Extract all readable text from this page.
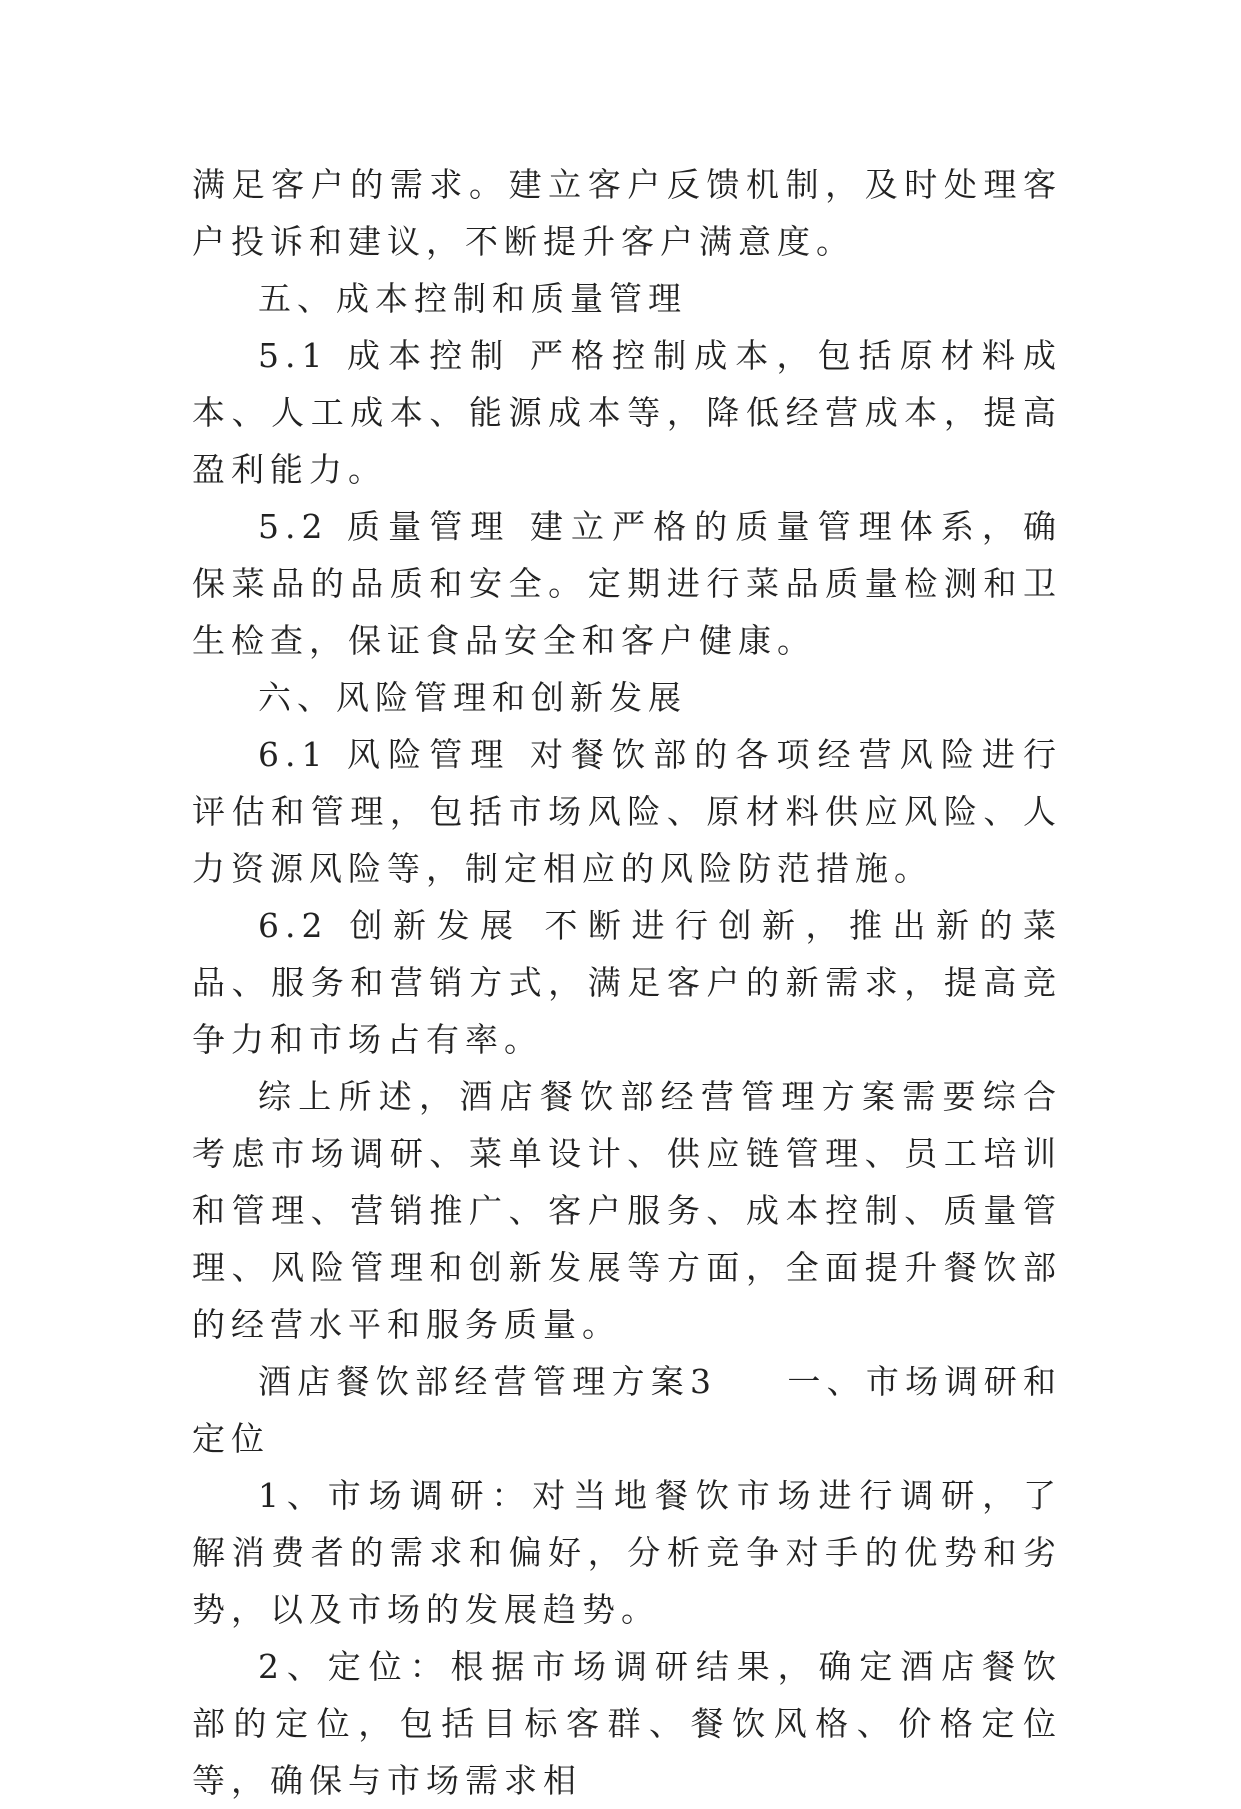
满足客户的需求。建立客户反馈机制，及时处理客户投诉和建议，不断提升客户满意度。

五、成本控制和质量管理

5.1 成本控制 严格控制成本，包括原材料成本、人工成本、能源成本等，降低经营成本，提高盈利能力。

5.2 质量管理 建立严格的质量管理体系，确保菜品的品质和安全。定期进行菜品质量检测和卫生检查，保证食品安全和客户健康。

六、风险管理和创新发展

6.1 风险管理 对餐饮部的各项经营风险进行评估和管理，包括市场风险、原材料供应风险、人力资源风险等，制定相应的风险防范措施。

6.2 创新发展 不断进行创新，推出新的菜品、服务和营销方式，满足客户的新需求，提高竞争力和市场占有率。

综上所述，酒店餐饮部经营管理方案需要综合考虑市场调研、菜单设计、供应链管理、员工培训和管理、营销推广、客户服务、成本控制、质量管理、风险管理和创新发展等方面，全面提升餐饮部的经营水平和服务质量。

酒店餐饮部经营管理方案3 一、市场调研和定位

1、市场调研：对当地餐饮市场进行调研，了解消费者的需求和偏好，分析竞争对手的优势和劣势，以及市场的发展趋势。

2、定位：根据市场调研结果，确定酒店餐饮部的定位，包括目标客群、餐饮风格、价格定位等，确保与市场需求相
